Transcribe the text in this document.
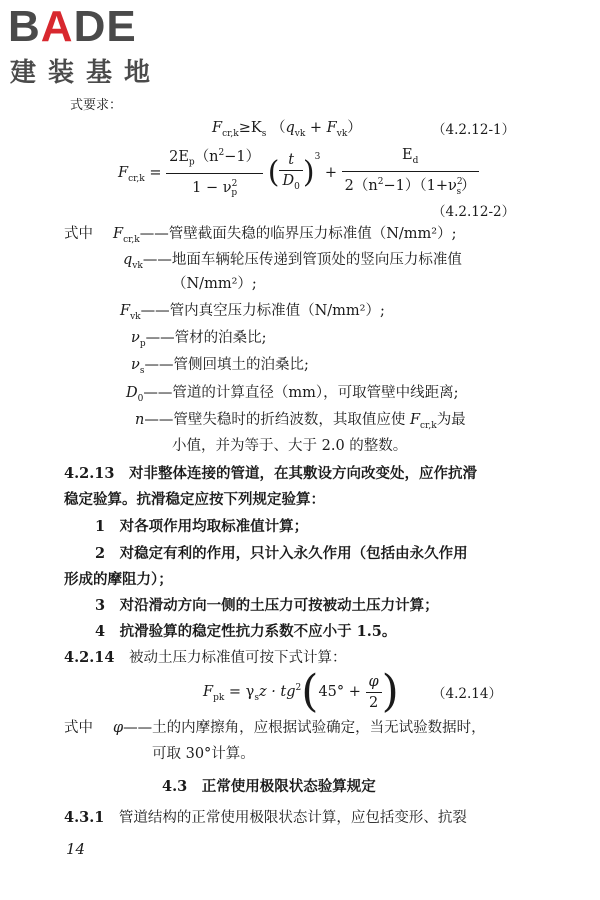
BADE
建装基地
式要求：
$F_{cr,k}\ge K_s$ $(q_{vk} + F_{vk})$	（4.2.12-1）
$F_{cr,k} = \frac{2E_p(n^2-1)}{1 - \nu^2_p}$ ( $\frac{t}{D_0} )^3 + \frac{E_d}{2(n^2-1)(1+\nu^2_s)}$
（4.2.12-2）
式中 $F_{cr,k}——$管壁截面失稳的临界压力标准值（N/mm²）;
$q_{vk}——$地面车辆轮压传递到管顶处的竖向压力标准值
（N/mm²）;
$F_{vk}——$管内真空压力标准值（N/mm²）;
$\nu_p——$管材的泊桑比;
$\nu_s——$管侧回填土的泊桑比;
$D_0——$管道的计算直径（mm），可取管壁中线距离;
n——管壁失稳时的折绉波数，其取值应使 $F_{cr,k}$为最
小值，并为等于、大于 2.0 的整数。
4.2.13　对非整体连接的管道，在其敷设方向改变处，应作抗滑
稳定验算。抗滑稳定应按下列规定验算：
1　对各项作用均取标准值计算；
2　对稳定有利的作用，只计入永久作用（包括由永久作用
形成的摩阻力）；
3　对沿滑动方向一侧的土压力可按被动土压力计算；
4　抗滑验算的稳定性抗力系数不应小于 1.5。
4.2.14　 被动土压力标准值可按下式计算：
$F_{pk} = \gamma_sz \cdot tg^2(45^\circ + \frac{\varphi}{2}$ ) （4.2.14）
式中 φ——土的内摩擦角，应根据试验确定，当无试验数据时，
可取 30°计算。
4.3　正常使用极限状态验算规定
4.3.1　 管道结构的正常使用极限状态计算，应包括变形、抗裂
14
